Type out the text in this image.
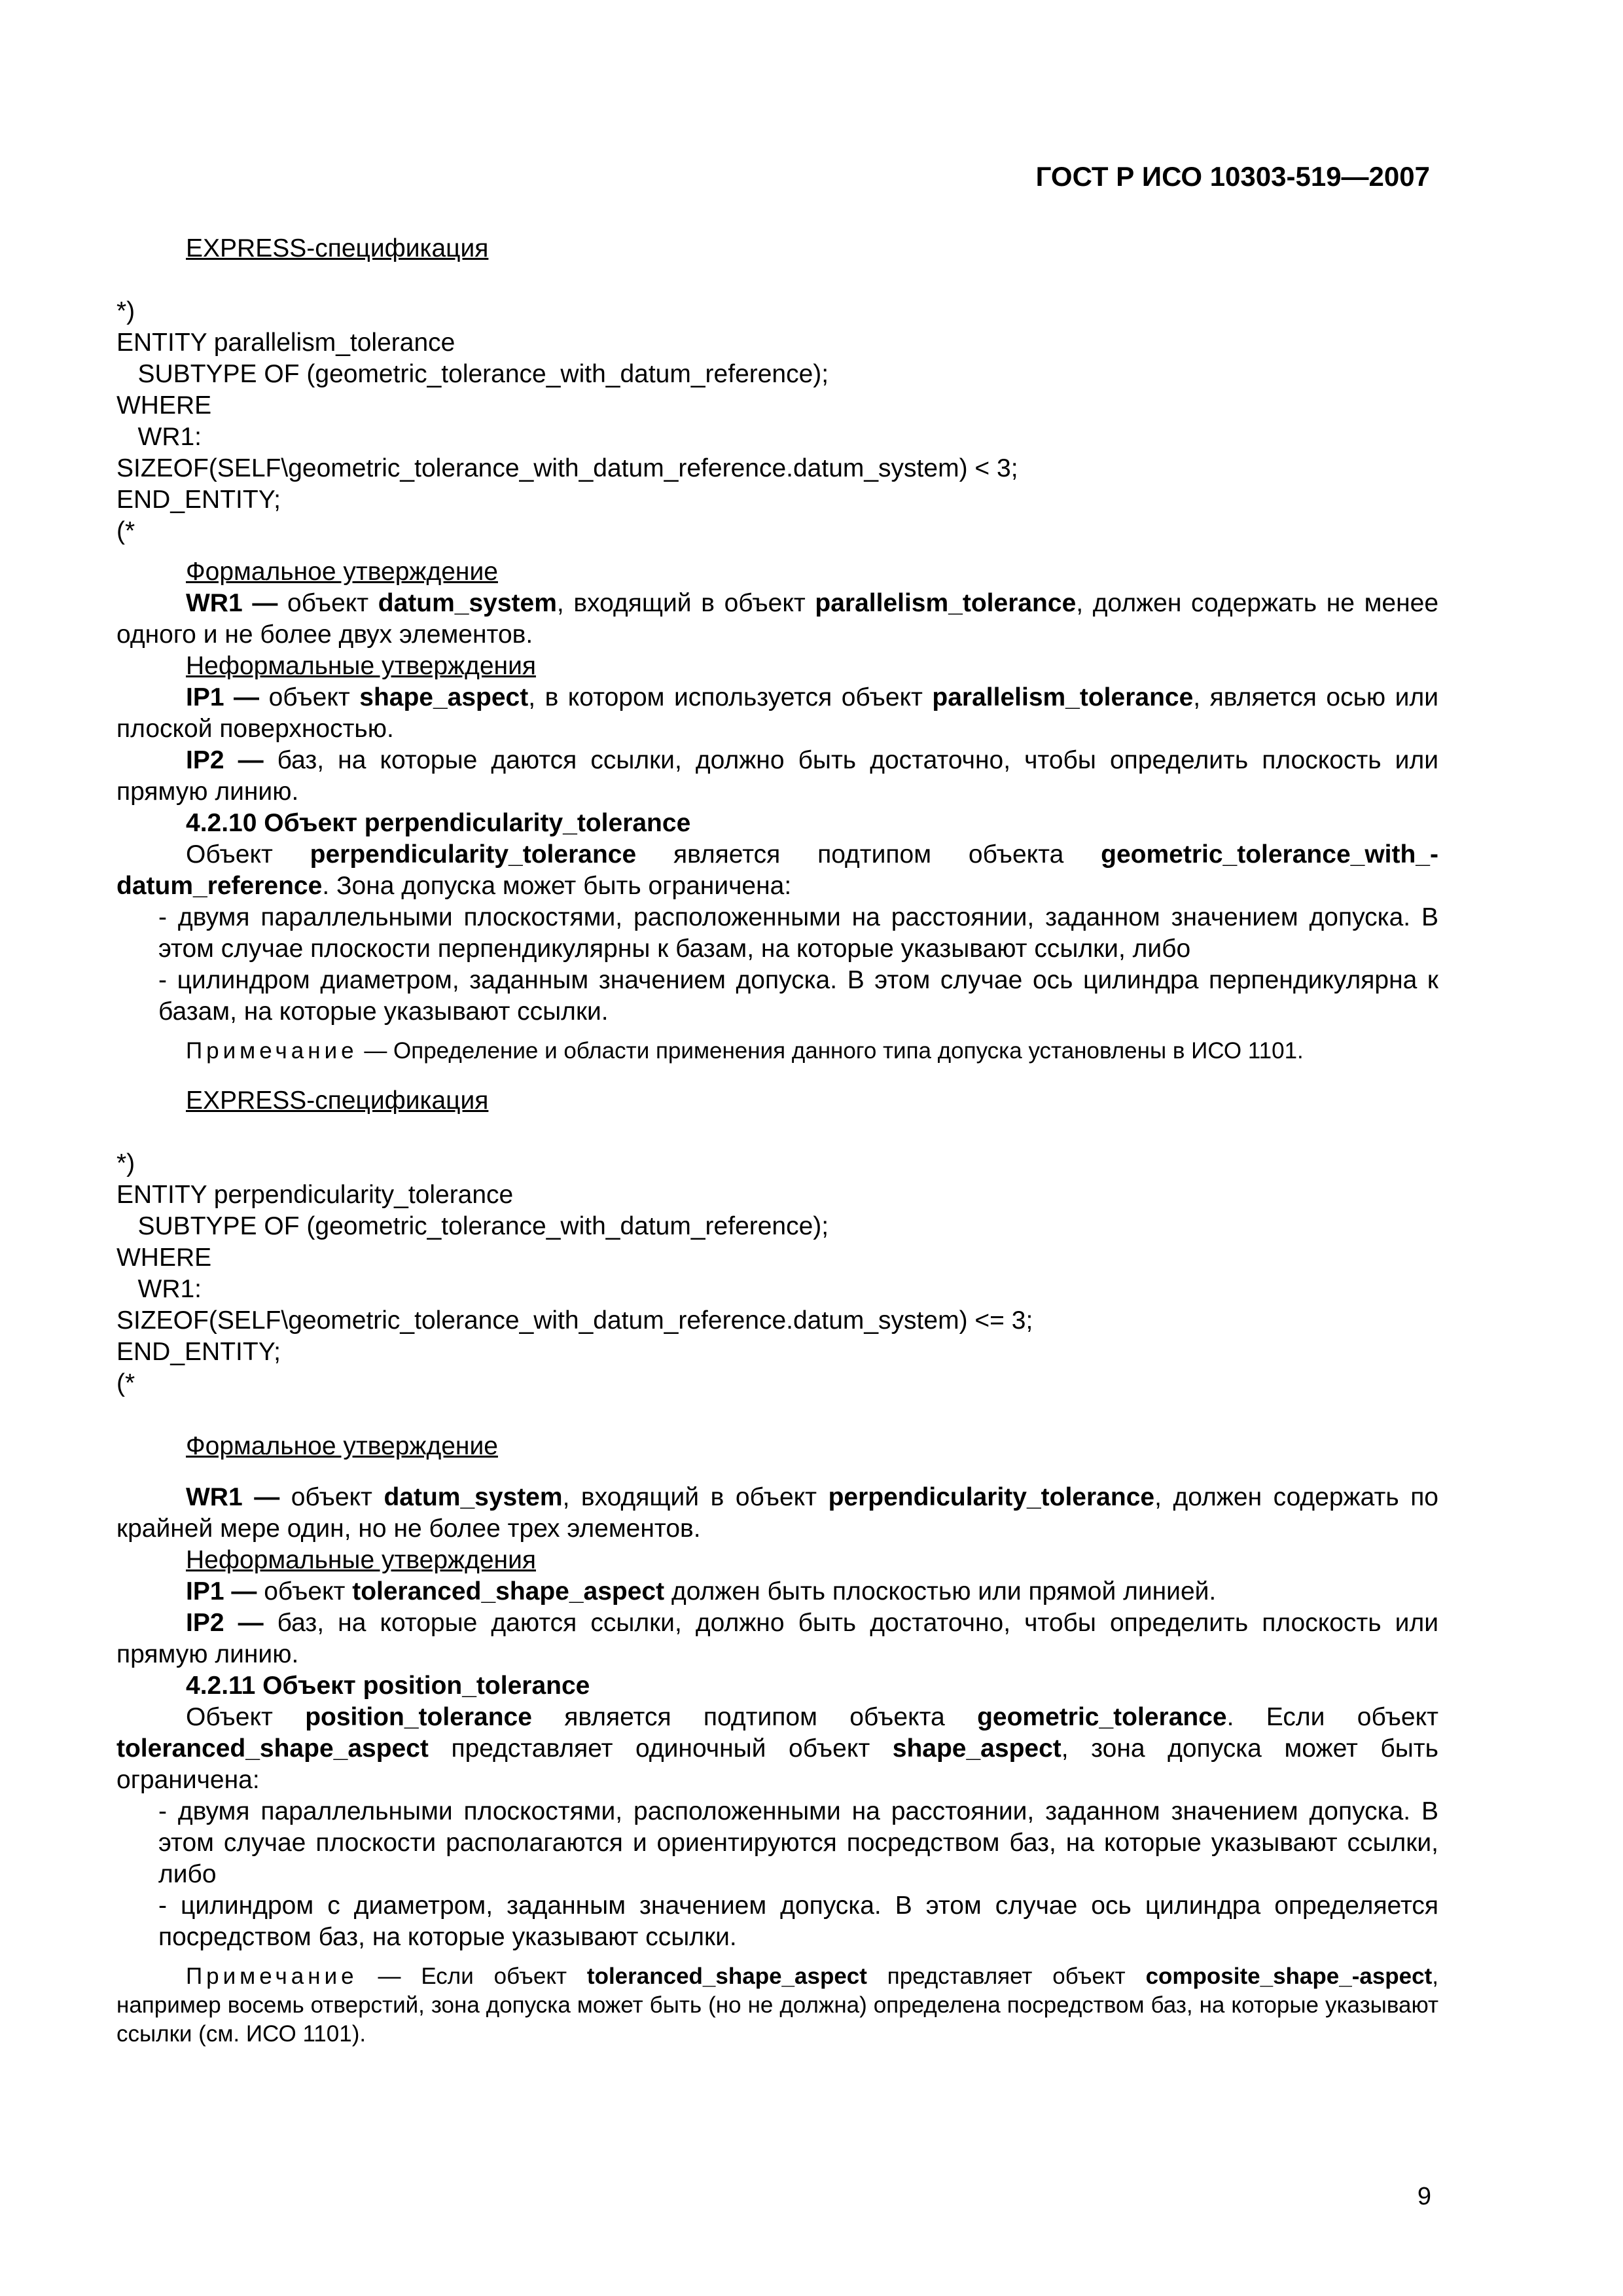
ГОСТ Р ИСО 10303-519—2007

EXPRESS-спецификация

*)

ENTITY parallelism_tolerance

SUBTYPE OF (geometric_tolerance_with_datum_reference);

WHERE

WR1:

SIZEOF(SELF\geometric_tolerance_with_datum_reference.datum_system) < 3;

END_ENTITY;

(*

Формальное утверждение

WR1 — объект datum_system, входящий в объект parallelism_tolerance, должен содержать не менее одного и не более двух элементов.

Неформальные утверждения

IP1 — объект shape_aspect, в котором используется объект parallelism_tolerance, является осью или плоской поверхностью.

IP2 — баз, на которые даются ссылки, должно быть достаточно, чтобы определить плоскость или прямую линию.

4.2.10 Объект perpendicularity_tolerance

Объект perpendicularity_tolerance является подтипом объекта geometric_tolerance_with_-datum_reference. Зона допуска может быть ограничена:

- двумя параллельными плоскостями, расположенными на расстоянии, заданном значением допуска. В этом случае плоскости перпендикулярны к базам, на которые указывают ссылки, либо

- цилиндром диаметром, заданным значением допуска. В этом случае ось цилиндра перпендикулярна к базам, на которые указывают ссылки.

Примечание — Определение и области применения данного типа допуска установлены в ИСО 1101.

EXPRESS-спецификация

*)

ENTITY perpendicularity_tolerance

SUBTYPE OF (geometric_tolerance_with_datum_reference);

WHERE

WR1:

SIZEOF(SELF\geometric_tolerance_with_datum_reference.datum_system) <= 3;

END_ENTITY;

(*

Формальное утверждение

WR1 — объект datum_system, входящий в объект perpendicularity_tolerance, должен содержать по крайней мере один, но не более трех элементов.

Неформальные утверждения

IP1 — объект toleranced_shape_aspect должен быть плоскостью или прямой линией.

IP2 — баз, на которые даются ссылки, должно быть достаточно, чтобы определить плоскость или прямую линию.

4.2.11 Объект position_tolerance

Объект position_tolerance является подтипом объекта geometric_tolerance. Если объект toleranced_shape_aspect представляет одиночный объект shape_aspect, зона допуска может быть ограничена:

- двумя параллельными плоскостями, расположенными на расстоянии, заданном значением допуска. В этом случае плоскости располагаются и ориентируются посредством баз, на которые указывают ссылки, либо

- цилиндром с диаметром, заданным значением допуска. В этом случае ось цилиндра определяется посредством баз, на которые указывают ссылки.

Примечание — Если объект toleranced_shape_aspect представляет объект composite_shape_-aspect, например восемь отверстий, зона допуска может быть (но не должна) определена посредством баз, на которые указывают ссылки (см. ИСО 1101).

9
